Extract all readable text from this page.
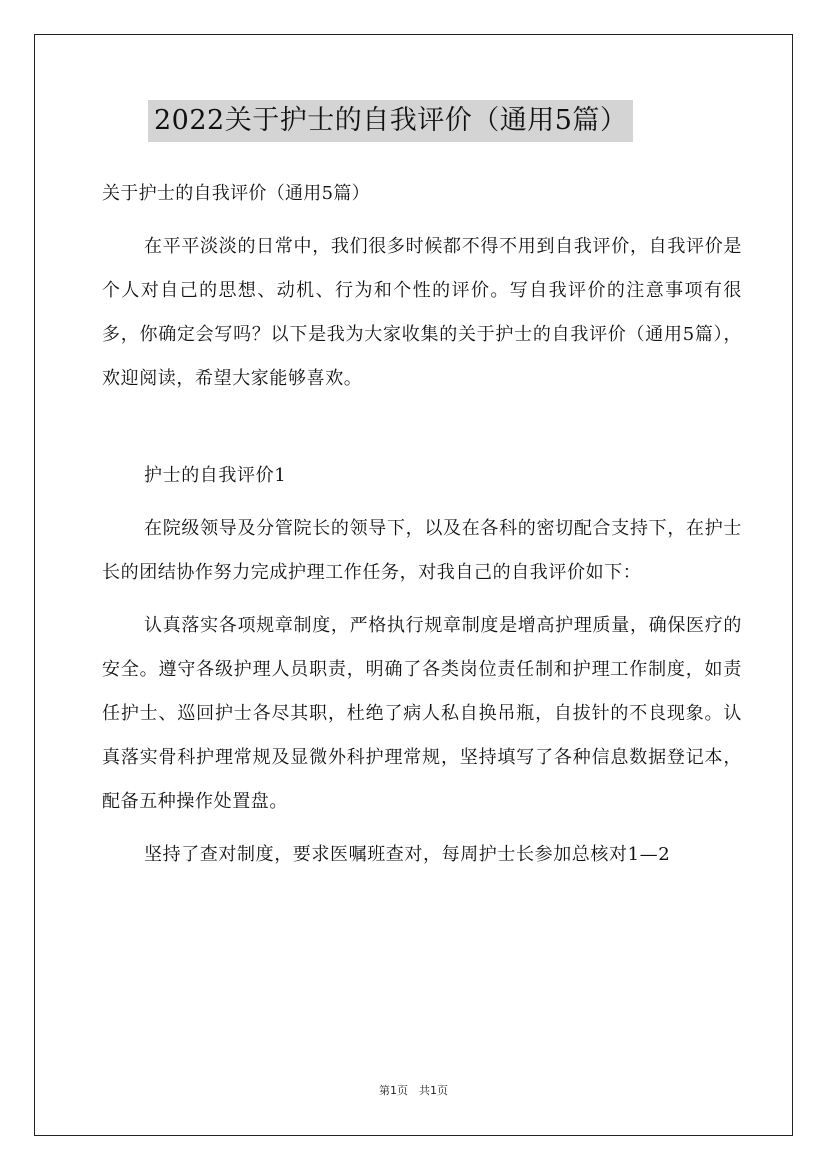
2022关于护士的自我评价（通用5篇）

关于护士的自我评价（通用5篇）

在平平淡淡的日常中，我们很多时候都不得不用到自我评价，自我评价是个人对自己的思想、动机、行为和个性的评价。写自我评价的注意事项有很多，你确定会写吗？以下是我为大家收集的关于护士的自我评价（通用5篇），欢迎阅读，希望大家能够喜欢。

护士的自我评价1

在院级领导及分管院长的领导下，以及在各科的密切配合支持下，在护士长的团结协作努力完成护理工作任务，对我自己的自我评价如下：

认真落实各项规章制度，严格执行规章制度是增高护理质量，确保医疗的安全。遵守各级护理人员职责，明确了各类岗位责任制和护理工作制度，如责任护士、巡回护士各尽其职，杜绝了病人私自换吊瓶，自拔针的不良现象。认真落实骨科护理常规及显微外科护理常规，坚持填写了各种信息数据登记本，配备五种操作处置盘。

坚持了查对制度，要求医嘱班查对，每周护士长参加总核对1—2

第1页　共1页
